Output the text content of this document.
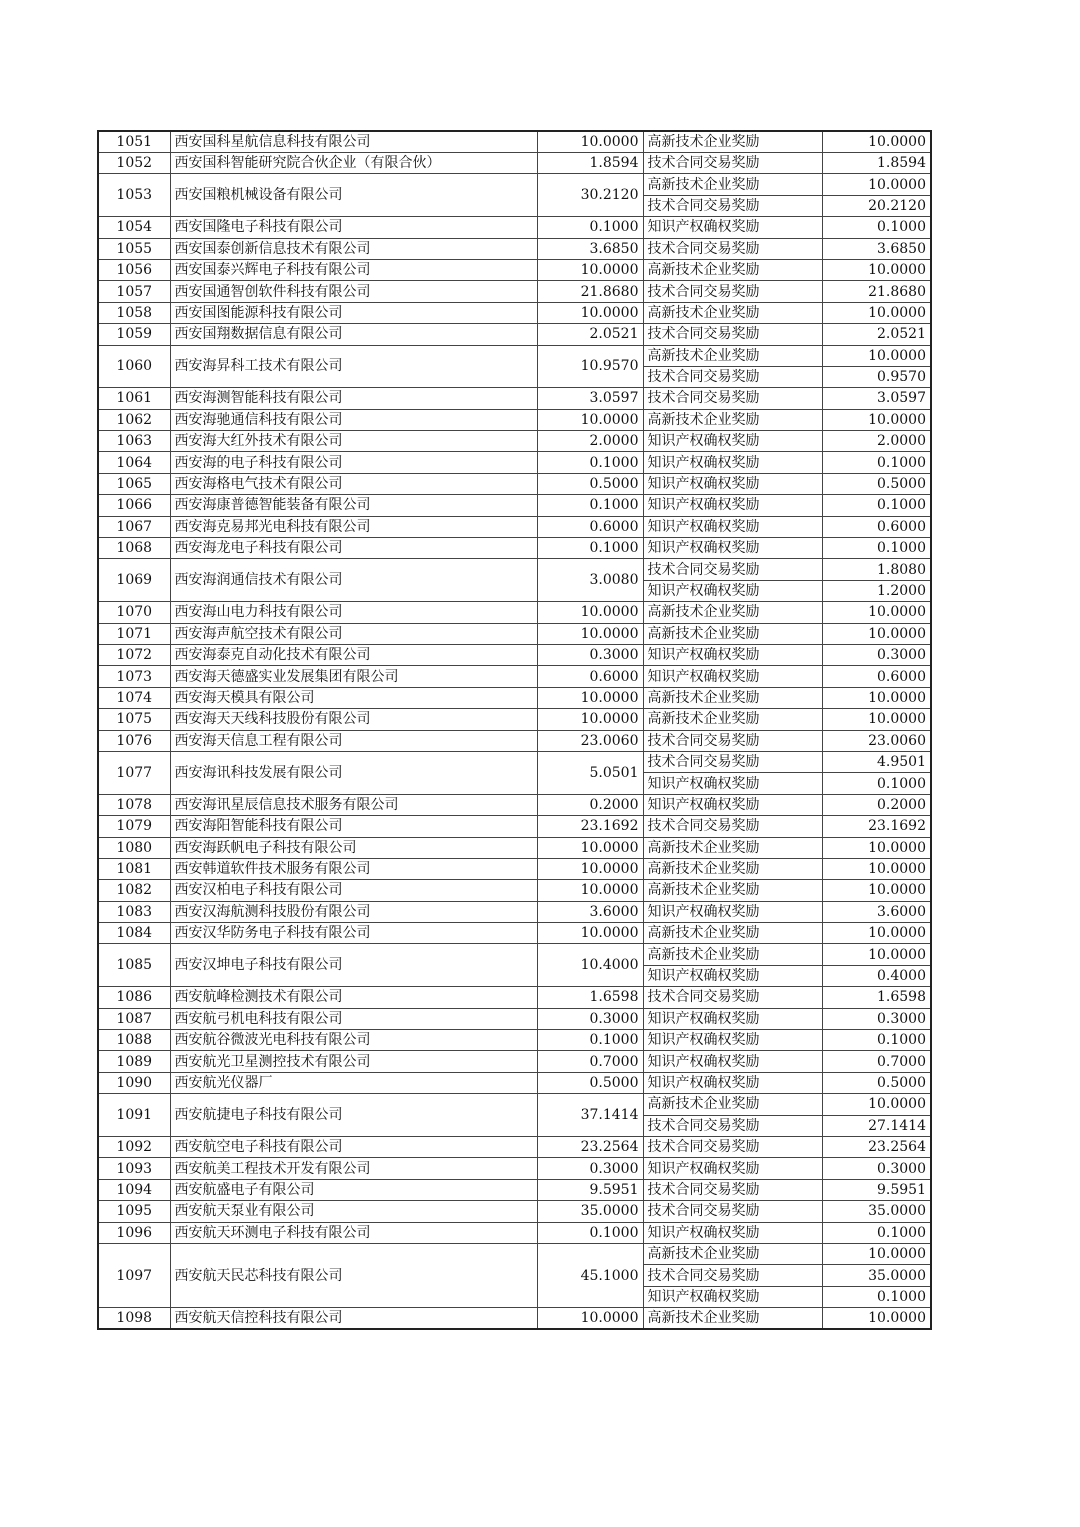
1051	西安国科星航信息科技有限公司	10.0000	高新技术企业奖励	10.0000
1052	西安国科智能研究院合伙企业（有限合伙）	1.8594	技术合同交易奖励	1.8594
1053	西安国粮机械设备有限公司	30.2120	高新技术企业奖励	10.0000
			技术合同交易奖励	20.2120
1054	西安国隆电子科技有限公司	0.1000	知识产权确权奖励	0.1000
1055	西安国泰创新信息技术有限公司	3.6850	技术合同交易奖励	3.6850
1056	西安国泰兴辉电子科技有限公司	10.0000	高新技术企业奖励	10.0000
1057	西安国通智创软件科技有限公司	21.8680	技术合同交易奖励	21.8680
1058	西安国图能源科技有限公司	10.0000	高新技术企业奖励	10.0000
1059	西安国翔数据信息有限公司	2.0521	技术合同交易奖励	2.0521
1060	西安海昇科工技术有限公司	10.9570	高新技术企业奖励	10.0000
			技术合同交易奖励	0.9570
1061	西安海测智能科技有限公司	3.0597	技术合同交易奖励	3.0597
1062	西安海驰通信科技有限公司	10.0000	高新技术企业奖励	10.0000
1063	西安海大红外技术有限公司	2.0000	知识产权确权奖励	2.0000
1064	西安海的电子科技有限公司	0.1000	知识产权确权奖励	0.1000
1065	西安海格电气技术有限公司	0.5000	知识产权确权奖励	0.5000
1066	西安海康普德智能装备有限公司	0.1000	知识产权确权奖励	0.1000
1067	西安海克易邦光电科技有限公司	0.6000	知识产权确权奖励	0.6000
1068	西安海龙电子科技有限公司	0.1000	知识产权确权奖励	0.1000
1069	西安海润通信技术有限公司	3.0080	技术合同交易奖励	1.8080
			知识产权确权奖励	1.2000
1070	西安海山电力科技有限公司	10.0000	高新技术企业奖励	10.0000
1071	西安海声航空技术有限公司	10.0000	高新技术企业奖励	10.0000
1072	西安海泰克自动化技术有限公司	0.3000	知识产权确权奖励	0.3000
1073	西安海天德盛实业发展集团有限公司	0.6000	知识产权确权奖励	0.6000
1074	西安海天模具有限公司	10.0000	高新技术企业奖励	10.0000
1075	西安海天天线科技股份有限公司	10.0000	高新技术企业奖励	10.0000
1076	西安海天信息工程有限公司	23.0060	技术合同交易奖励	23.0060
1077	西安海讯科技发展有限公司	5.0501	技术合同交易奖励	4.9501
			知识产权确权奖励	0.1000
1078	西安海讯星辰信息技术服务有限公司	0.2000	知识产权确权奖励	0.2000
1079	西安海阳智能科技有限公司	23.1692	技术合同交易奖励	23.1692
1080	西安海跃帆电子科技有限公司	10.0000	高新技术企业奖励	10.0000
1081	西安韩道软件技术服务有限公司	10.0000	高新技术企业奖励	10.0000
1082	西安汉柏电子科技有限公司	10.0000	高新技术企业奖励	10.0000
1083	西安汉海航测科技股份有限公司	3.6000	知识产权确权奖励	3.6000
1084	西安汉华防务电子科技有限公司	10.0000	高新技术企业奖励	10.0000
1085	西安汉坤电子科技有限公司	10.4000	高新技术企业奖励	10.0000
			知识产权确权奖励	0.4000
1086	西安航峰检测技术有限公司	1.6598	技术合同交易奖励	1.6598
1087	西安航弓机电科技有限公司	0.3000	知识产权确权奖励	0.3000
1088	西安航谷微波光电科技有限公司	0.1000	知识产权确权奖励	0.1000
1089	西安航光卫星测控技术有限公司	0.7000	知识产权确权奖励	0.7000
1090	西安航光仪器厂	0.5000	知识产权确权奖励	0.5000
1091	西安航捷电子科技有限公司	37.1414	高新技术企业奖励	10.0000
			技术合同交易奖励	27.1414
1092	西安航空电子科技有限公司	23.2564	技术合同交易奖励	23.2564
1093	西安航美工程技术开发有限公司	0.3000	知识产权确权奖励	0.3000
1094	西安航盛电子有限公司	9.5951	技术合同交易奖励	9.5951
1095	西安航天泵业有限公司	35.0000	技术合同交易奖励	35.0000
1096	西安航天环测电子科技有限公司	0.1000	知识产权确权奖励	0.1000
1097	西安航天民芯科技有限公司	45.1000	高新技术企业奖励	10.0000
			技术合同交易奖励	35.0000
			知识产权确权奖励	0.1000
1098	西安航天信控科技有限公司	10.0000	高新技术企业奖励	10.0000
